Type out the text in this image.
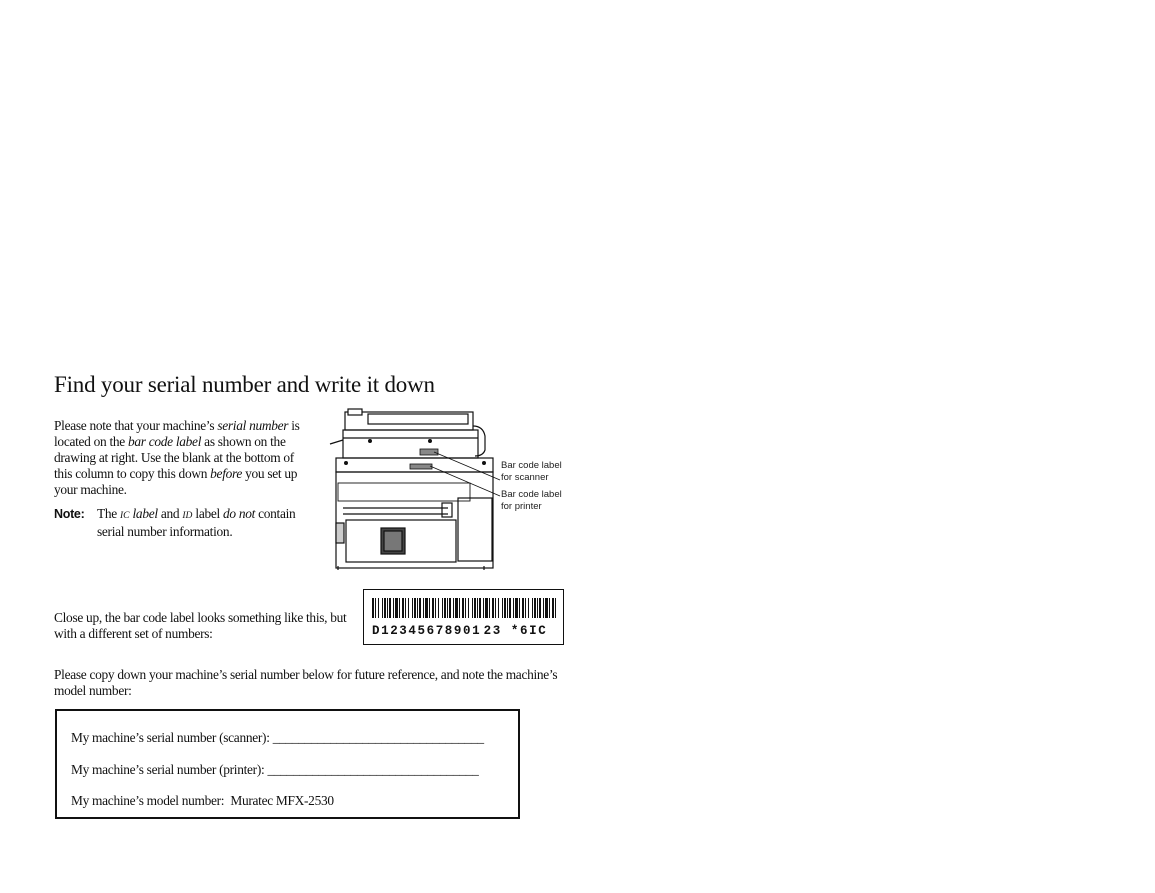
Find your serial number and write it down
Please note that your machine’s serial number is located on the bar code label as shown on the drawing at right. Use the blank at the bottom of this column to copy this down before you set up your machine.
Note: The IC label and ID label do not contain serial number information.
Bar code label
for scanner
Bar code label
for printer
Close up, the bar code label looks something like this, but with a different set of numbers:	D12345678901 23 *6IC
Please copy down your machine’s serial number below for future reference, and note the machine’s model number:
My machine’s serial number (scanner): _________________________________
My machine’s serial number (printer): _________________________________
My machine’s model number: Muratec MFX-2530
